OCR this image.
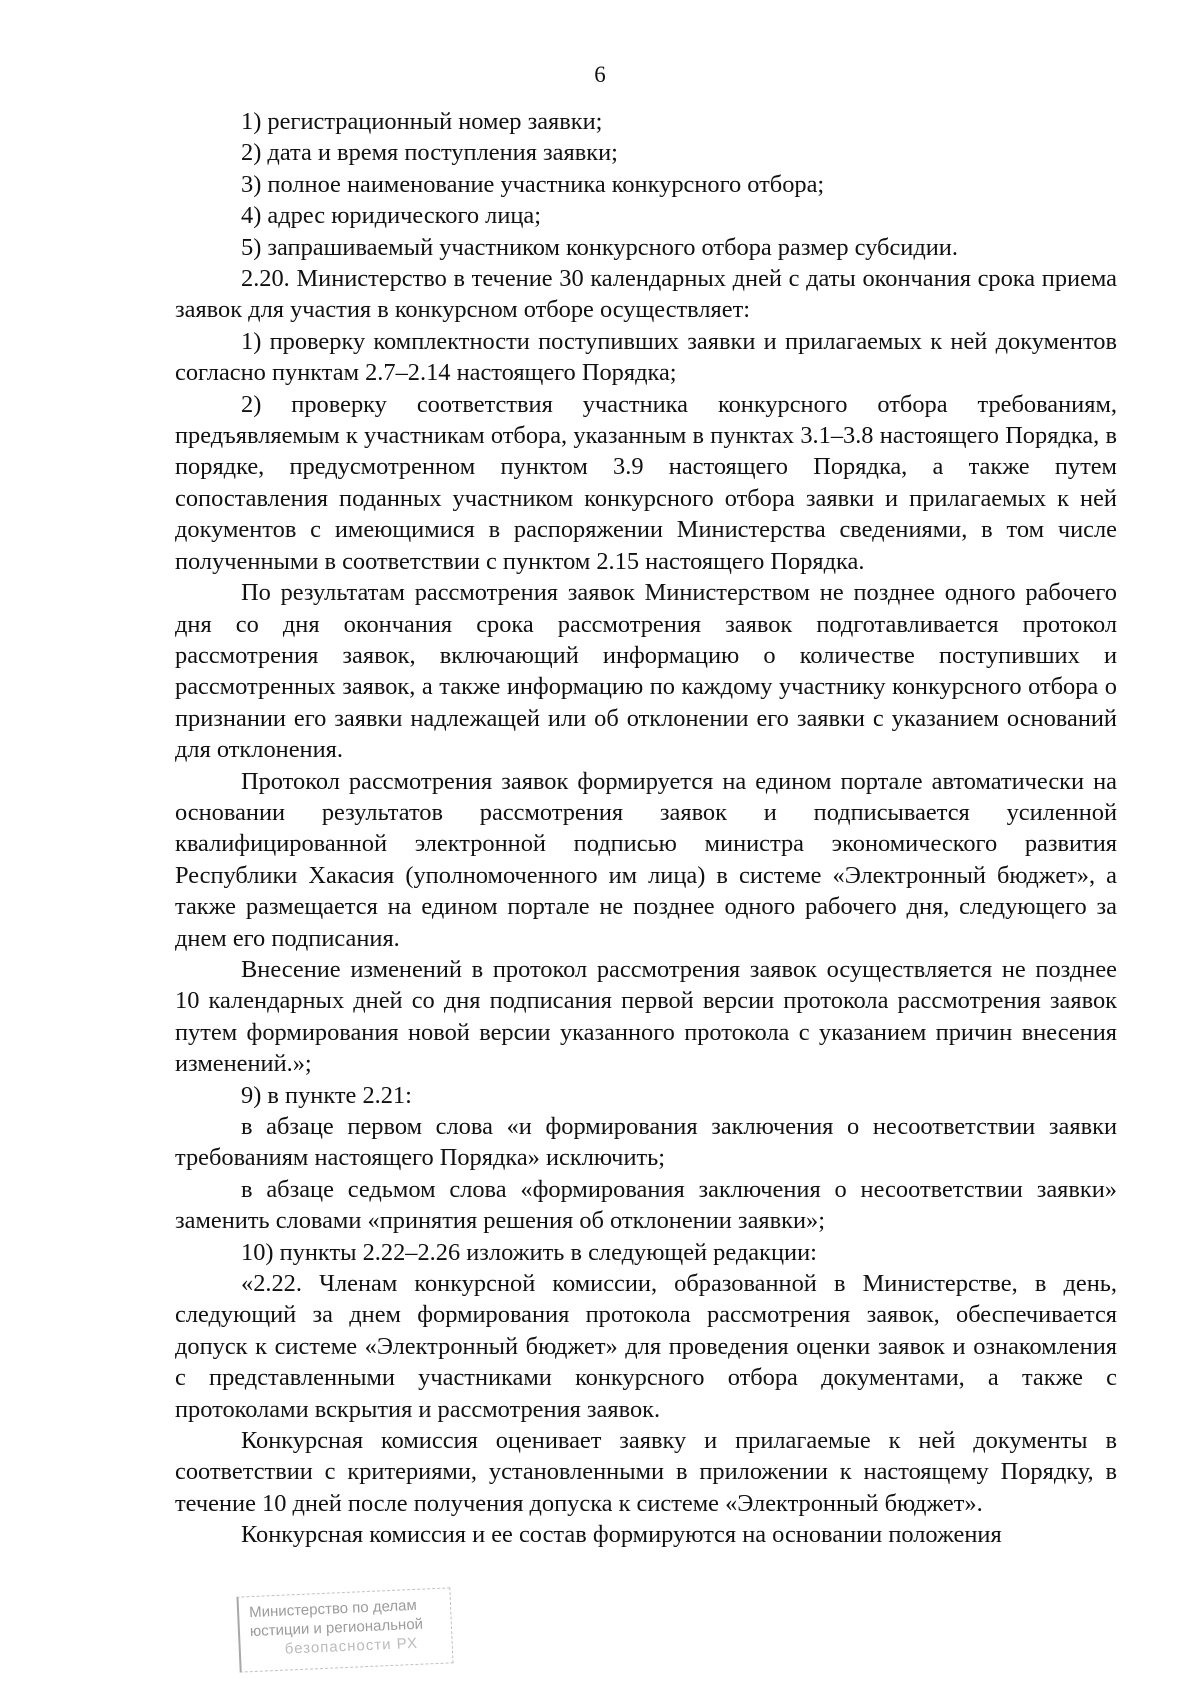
6

1) регистрационный номер заявки;

2) дата и время поступления заявки;

3) полное наименование участника конкурсного отбора;

4) адрес юридического лица;

5) запрашиваемый участником конкурсного отбора размер субсидии.

2.20. Министерство в течение 30 календарных дней с даты окончания срока приема заявок для участия в конкурсном отборе осуществляет:

1) проверку комплектности поступивших заявки и прилагаемых к ней документов согласно пунктам 2.7–2.14 настоящего Порядка;

2) проверку соответствия участника конкурсного отбора требованиям, предъявляемым к участникам отбора, указанным в пунктах 3.1–3.8 настоящего Порядка, в порядке, предусмотренном пунктом 3.9 настоящего Порядка, а также путем сопоставления поданных участником конкурсного отбора заявки и прилагаемых к ней документов с имеющимися в распоряжении Министерства сведениями, в том числе полученными в соответствии с пунктом 2.15 настоящего Порядка.

По результатам рассмотрения заявок Министерством не позднее одного рабочего дня со дня окончания срока рассмотрения заявок подготавливается протокол рассмотрения заявок, включающий информацию о количестве поступивших и рассмотренных заявок, а также информацию по каждому участнику конкурсного отбора о признании его заявки надлежащей или об отклонении его заявки с указанием оснований для отклонения.

Протокол рассмотрения заявок формируется на едином портале автоматически на основании результатов рассмотрения заявок и подписывается усиленной квалифицированной электронной подписью министра экономического развития Республики Хакасия (уполномоченного им лица) в системе «Электронный бюджет», а также размещается на едином портале не позднее одного рабочего дня, следующего за днем его подписания.

Внесение изменений в протокол рассмотрения заявок осуществляется не позднее 10 календарных дней со дня подписания первой версии протокола рассмотрения заявок путем формирования новой версии указанного протокола с указанием причин внесения изменений.»;

9) в пункте 2.21:

в абзаце первом слова «и формирования заключения о несоответствии заявки требованиям настоящего Порядка» исключить;

в абзаце седьмом слова «формирования заключения о несоответствии заявки» заменить словами «принятия решения об отклонении заявки»;

10) пункты 2.22–2.26 изложить в следующей редакции:

«2.22. Членам конкурсной комиссии, образованной в Министерстве, в день, следующий за днем формирования протокола рассмотрения заявок, обеспечивается допуск к системе «Электронный бюджет» для проведения оценки заявок и ознакомления с представленными участниками конкурсного отбора документами, а также с протоколами вскрытия и рассмотрения заявок.

Конкурсная комиссия оценивает заявку и прилагаемые к ней документы в соответствии с критериями, установленными в приложении к настоящему Порядку, в течение 10 дней после получения допуска к системе «Электронный бюджет».

Конкурсная комиссия и ее состав формируются на основании положения

Министерство по делам
юстиции и региональной
безопасности РХ
